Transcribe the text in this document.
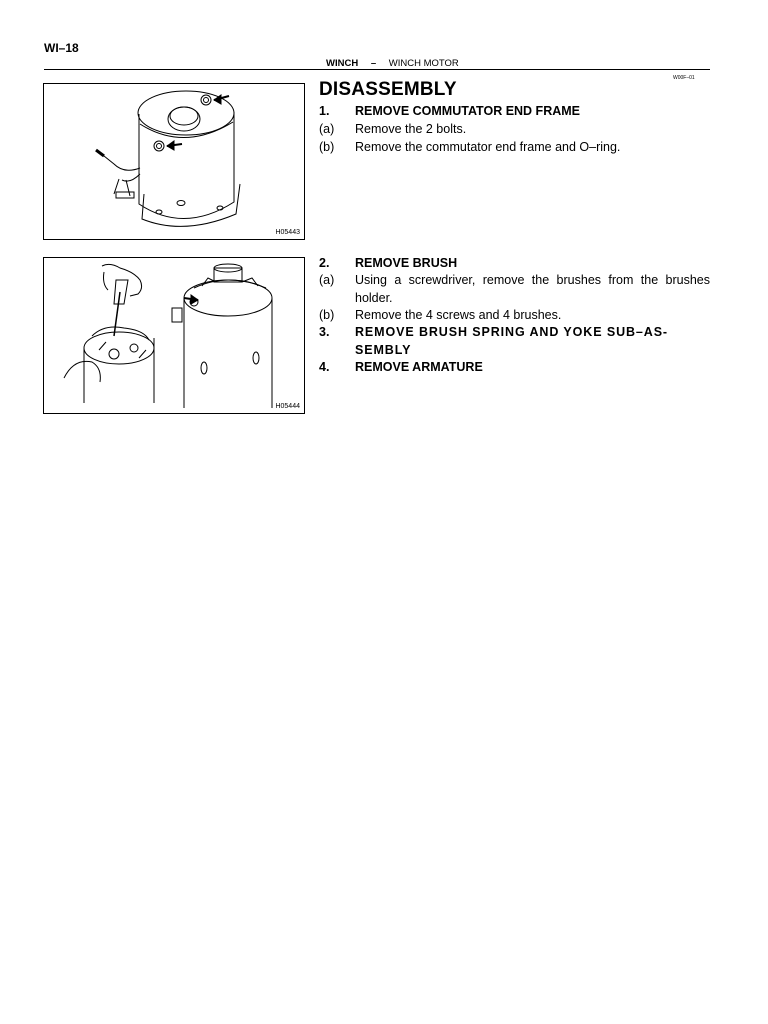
WI–18
WINCH – WINCH MOTOR
W00F–01
H05443
H05444
DISASSEMBLY
1. REMOVE COMMUTATOR END FRAME
(a) Remove the 2 bolts.
(b) Remove the commutator end frame and O–ring.
2. REMOVE BRUSH
(a) Using a screwdriver, remove the brushes from the brushes holder.
(b) Remove the 4 screws and 4 brushes.
3. REMOVE BRUSH SPRING AND YOKE SUB–AS- SEMBLY
4. REMOVE ARMATURE
